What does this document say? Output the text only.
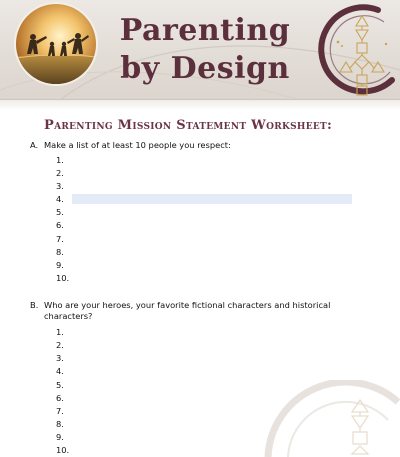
Parenting
by Design
Parenting Mission Statement Worksheet:
A. Make a list of at least 10 people you respect:
1.
2.
3.
4.
5.
6.
7.
8.
9.
10.
B. Who are your heroes, your favorite fictional characters and historical
characters?
1.
2.
3.
4.
5.
6.
7.
8.
9.
10.
